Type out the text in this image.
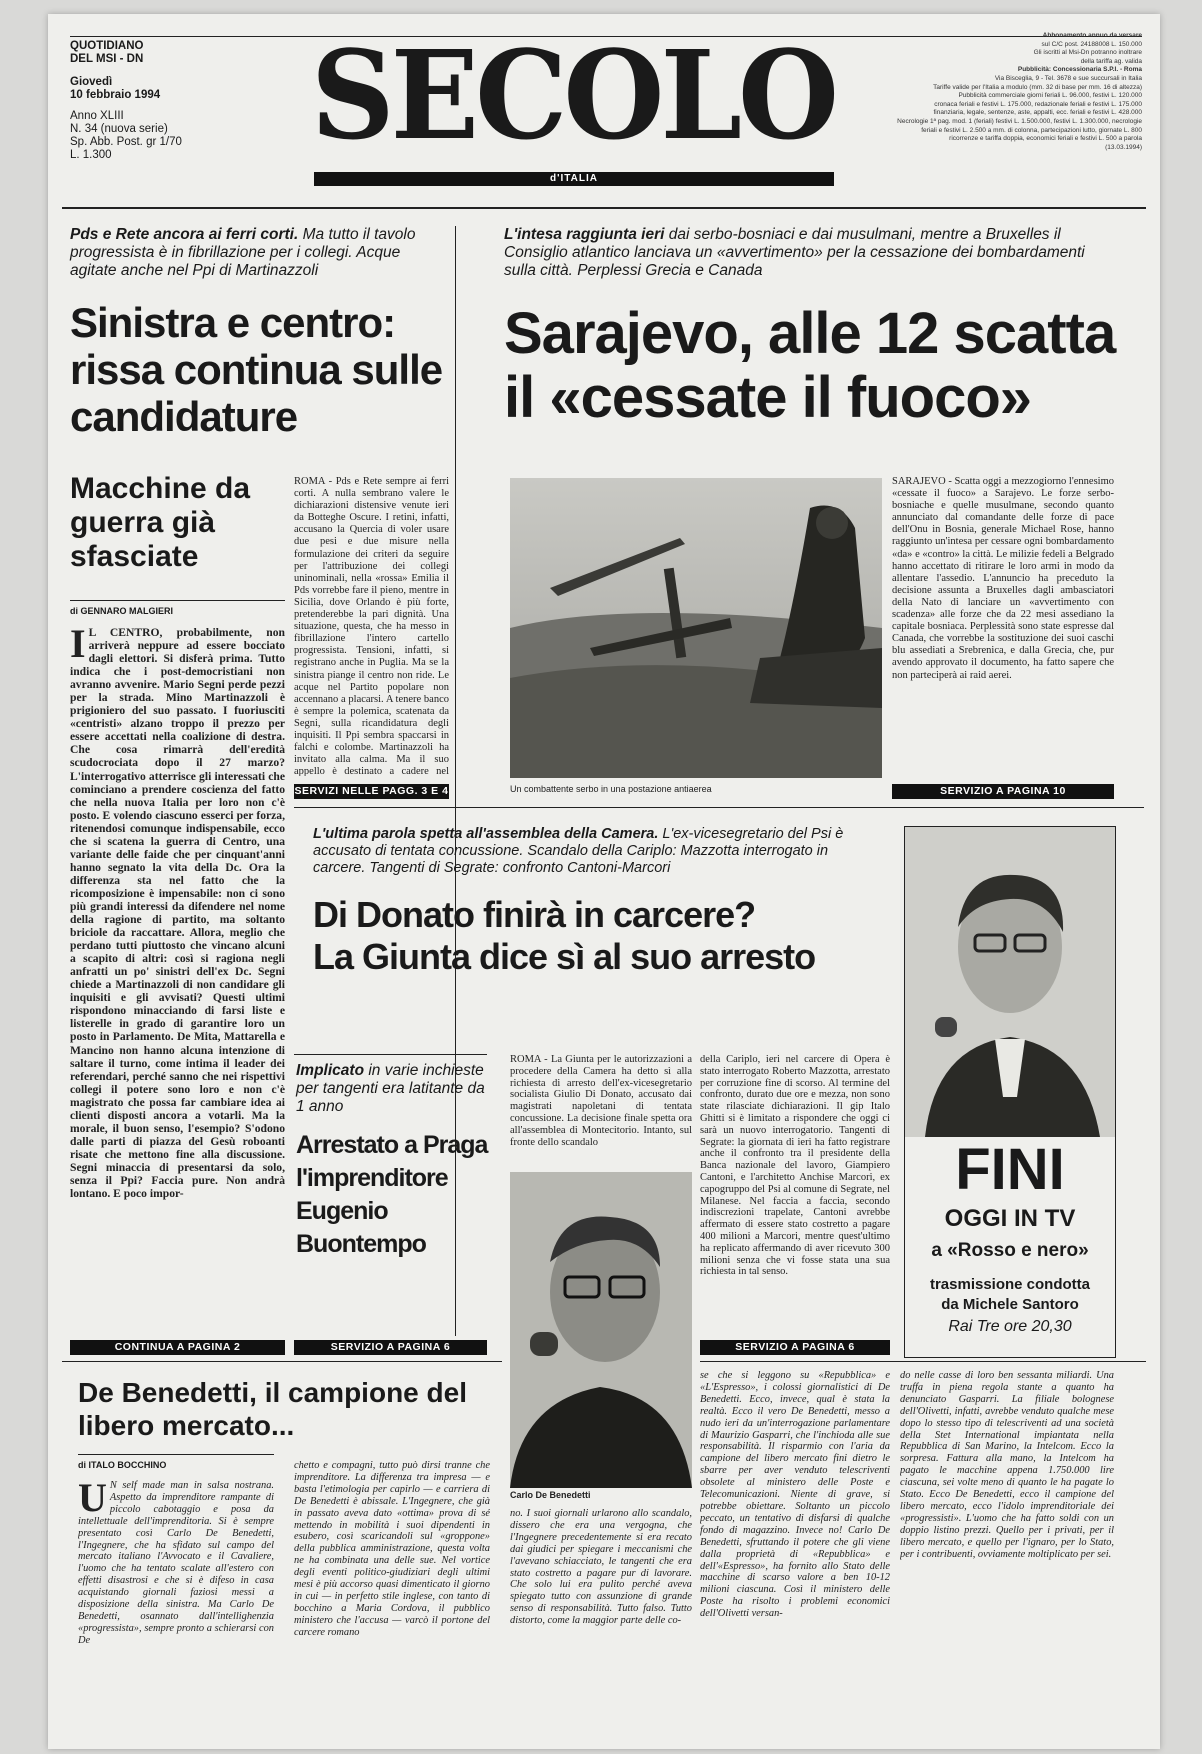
QUOTIDIANO
DEL MSI - DN
Giovedì
10 febbraio 1994
Anno XLIII
N. 34 (nuova serie)
Sp. Abb. Post. gr 1/70
L. 1.300	SECOLO
d'ITALIA
Abbonamento annuo da versare
sul C/C post. 24188008 L. 150.000
Gli iscritti al Msi-Dn potranno inoltrare
della tariffa ag. valida
Pubblicità: Concessionaria S.P.I. - Roma
Via Bisceglia, 9 - Tel. 3678 e sue succursali in Italia
Tariffe valide per l'Italia a modulo (mm. 32 di base per mm. 16 di altezza)
Pubblicità commerciale giorni feriali L. 96.000, festivi L. 120.000
cronaca feriali e festivi L. 175.000, redazionale feriali e festivi L. 175.000
finanziaria, legale, sentenze, aste, appalti, ecc. feriali e festivi L. 428.000
Necrologie 1ª pag. mod. 1 (feriali) festivi L. 1.500.000, festivi L. 1.300.000, necrologie
feriali e festivi L. 2.500 a mm. di colonna, partecipazioni lutto, giornate L. 800
ricorrenze e tariffa doppia, economici feriali e festivi L. 500 a parola
(13.03.1994)
Pds e Rete ancora ai ferri corti. Ma tutto il tavolo progressista è in fibrillazione per i collegi. Acque agitate anche nel Ppi di Martinazzoli
Sinistra e centro: rissa continua sulle candidature
Macchine da guerra già sfasciate
di GENNARO MALGIERI
I L CENTRO, probabilmente, non arriverà neppure ad essere bocciato dagli elettori. Si disferà prima. Tutto indica che i post-democristiani non avranno avvenire. Mario Segni perde pezzi per la strada. Mino Martinazzoli è prigioniero del suo passato. I fuoriusciti «centristi» alzano troppo il prezzo per essere accettati nella coalizione di destra. Che cosa rimarrà dell'eredità scudocrociata dopo il 27 marzo? L'interrogativo atterrisce gli interessati che cominciano a prendere coscienza del fatto che nella nuova Italia per loro non c'è posto. E volendo ciascuno esserci per forza, ritenendosi comunque indispensabile, ecco che si scatena la guerra di Centro, una variante delle faide che per cinquant'anni hanno segnato la vita della Dc. Ora la differenza sta nel fatto che la ricomposizione è impensabile: non ci sono più grandi interessi da difendere nel nome della ragione di partito, ma soltanto briciole da raccattare. Allora, meglio che perdano tutti piuttosto che vincano alcuni a scapito di altri: così si ragiona negli anfratti un po' sinistri dell'ex Dc. Segni chiede a Martinazzoli di non candidare gli inquisiti e gli avvisati? Questi ultimi rispondono minacciando di farsi liste e listerelle in grado di garantire loro un posto in Parlamento. De Mita, Mattarella e Mancino non hanno alcuna intenzione di saltare il turno, come intima il leader dei referendari, perché sanno che nei rispettivi collegi il potere sono loro e non c'è magistrato che possa far cambiare idea ai clienti disposti ancora a votarli. Ma la morale, il buon senso, l'esempio? S'odono dalle parti di piazza del Gesù roboanti risate che mettono fine alla discussione. Segni minaccia di presentarsi da solo, senza il Ppi? Faccia pure. Non andrà lontano. E poco impor-
CONTINUA A PAGINA 2
ROMA - Pds e Rete sempre ai ferri corti. A nulla sembrano valere le dichiarazioni distensive venute ieri da Botteghe Oscure. I retini, infatti, accusano la Quercia di voler usare due pesi e due misure nella formulazione dei criteri da seguire per l'attribuzione dei collegi uninominali, nella «rossa» Emilia il Pds vorrebbe fare il pieno, mentre in Sicilia, dove Orlando è più forte, pretenderebbe la pari dignità. Una situazione, questa, che ha messo in fibrillazione l'intero cartello progressista. Tensioni, infatti, si registrano anche in Puglia. Ma se la sinistra piange il centro non ride. Le acque nel Partito popolare non accennano a placarsi. A tenere banco è sempre la polemica, scatenata da Segni, sulla ricandidatura degli inquisiti. Il Ppi sembra spaccarsi in falchi e colombe. Martinazzoli ha invitato alla calma. Ma il suo appello è destinato a cadere nel
SERVIZI NELLE PAGG. 3 E 4
L'intesa raggiunta ieri dai serbo-bosniaci e dai musulmani, mentre a Bruxelles il Consiglio atlantico lanciava un «avvertimento» per la cessazione dei bombardamenti sulla città. Perplessi Grecia e Canada
Sarajevo, alle 12 scatta il «cessate il fuoco»
Un combattente serbo in una postazione antiaerea
SARAJEVO - Scatta oggi a mezzogiorno l'ennesimo «cessate il fuoco» a Sarajevo. Le forze serbo-bosniache e quelle musulmane, secondo quanto annunciato dal comandante delle forze di pace dell'Onu in Bosnia, generale Michael Rose, hanno raggiunto un'intesa per cessare ogni bombardamento «da» e «contro» la città. Le milizie fedeli a Belgrado hanno accettato di ritirare le loro armi in modo da allentare l'assedio. L'annuncio ha preceduto la decisione assunta a Bruxelles dagli ambasciatori della Nato di lanciare un «avvertimento con scadenza» alle forze che da 22 mesi assediano la capitale bosniaca. Perplessità sono state espresse dal Canada, che vorrebbe la sostituzione dei suoi caschi blu assediati a Srebrenica, e dalla Grecia, che, pur avendo approvato il documento, ha fatto sapere che non parteciperà ai raid aerei.
SERVIZIO A PAGINA 10
L'ultima parola spetta all'assemblea della Camera. L'ex-vicesegretario del Psi è accusato di tentata concussione. Scandalo della Cariplo: Mazzotta interrogato in carcere. Tangenti di Segrate: confronto Cantoni-Marcori
Di Donato finirà in carcere?
La Giunta dice sì al suo arresto
FINI
OGGI IN TV
a «Rosso e nero»
trasmissione condotta
da Michele Santoro
Rai Tre ore 20,30
Implicato in varie inchieste per tangenti era latitante da 1 anno
Arrestato a Praga l'imprenditore Eugenio Buontempo
SERVIZIO A PAGINA 6
ROMA - La Giunta per le autorizzazioni a procedere della Camera ha detto sì alla richiesta di arresto dell'ex-vicesegretario socialista Giulio Di Donato, accusato dai magistrati napoletani di tentata concussione. La decisione finale spetta ora all'assemblea di Montecitorio. Intanto, sul fronte dello scandalo
Carlo De Benedetti
della Cariplo, ieri nel carcere di Opera è stato interrogato Roberto Mazzotta, arrestato per corruzione fine di scorso. Al termine del confronto, durato due ore e mezza, non sono state rilasciate dichiarazioni. Il gip Italo Ghitti si è limitato a rispondere che oggi ci sarà un nuovo interrogatorio. Tangenti di Segrate: la giornata di ieri ha fatto registrare anche il confronto tra il presidente della Banca nazionale del lavoro, Giampiero Cantoni, e l'architetto Anchise Marcori, ex capogruppo del Psi al comune di Segrate, nel Milanese. Nel faccia a faccia, secondo indiscrezioni trapelate, Cantoni avrebbe affermato di essere stato costretto a pagare 400 milioni a Marcori, mentre quest'ultimo ha replicato affermando di aver ricevuto 300 milioni senza che vi fosse stata una sua richiesta in tal senso.
SERVIZIO A PAGINA 6
De Benedetti, il campione del libero mercato...
di ITALO BOCCHINO
U N self made man in salsa nostrana. Aspetto da imprenditore rampante di piccolo cabotaggio e posa da intellettuale dell'imprenditoria. Si è sempre presentato così Carlo De Benedetti, l'Ingegnere, che ha sfidato sul campo del mercato italiano l'Avvocato e il Cavaliere, l'uomo che ha tentato scalate all'estero con effetti disastrosi e che si è difeso in casa acquistando giornali faziosi messi a disposizione della sinistra. Ma Carlo De Benedetti, osannato dall'intellighenzia «progressista», sempre pronto a schierarsi con De
chetto e compagni, tutto può dirsi tranne che imprenditore. La differenza tra impresa — e basta l'etimologia per capirlo — e carriera di De Benedetti è abissale. L'Ingegnere, che già in passato aveva dato «ottima» prova di sé mettendo in mobilità i suoi dipendenti in esubero, così scaricandoli sul «groppone» della pubblica amministrazione, questa volta ne ha combinata una delle sue. Nel vortice degli eventi politico-giudiziari degli ultimi mesi è più accorso quasi dimenticato il giorno in cui — in perfetto stile inglese, con tanto di bocchino a Maria Cordova, il pubblico ministero che l'accusa — varcò il portone del carcere romano
no. I suoi giornali urlarono allo scandalo, dissero che era una vergogna, che l'Ingegnere precedentemente si era recato dai giudici per spiegare i meccanismi che l'avevano schiacciato, le tangenti che era stato costretto a pagare pur di lavorare. Che solo lui era pulito perché aveva spiegato tutto con assunzione di grande senso di responsabilità. Tutto falso. Tutto distorto, come la maggior parte delle co-
se che si leggono su «Repubblica» e «L'Espresso», i colossi giornalistici di De Benedetti. Ecco, invece, qual è stata la realtà. Ecco il vero De Benedetti, messo a nudo ieri da un'interrogazione parlamentare di Maurizio Gasparri, che l'inchioda alle sue responsabilità. Il risparmio con l'aria da campione del libero mercato fini dietro le sbarre per aver venduto telescriventi obsolete al ministero delle Poste e Telecomunicazioni. Niente di grave, si potrebbe obiettare. Soltanto un piccolo peccato, un tentativo di disfarsi di qualche fondo di magazzino. Invece no! Carlo De Benedetti, sfruttando il potere che gli viene dalla proprietà di «Repubblica» e dell'«Espresso», ha fornito allo Stato delle macchine di scarso valore a ben 10-12 milioni ciascuna. Così il ministero delle Poste ha risolto i problemi economici dell'Olivetti versan-
do nelle casse di loro ben sessanta miliardi. Una truffa in piena regola stante a quanto ha denunciato Gasparri. La filiale bolognese dell'Olivetti, infatti, avrebbe venduto qualche mese dopo lo stesso tipo di telescriventi ad una società della Stet International impiantata nella Repubblica di San Marino, la Intelcom. Ecco la sorpresa. Fattura alla mano, la Intelcom ha pagato le macchine appena 1.750.000 lire ciascuna, sei volte meno di quanto le ha pagate lo Stato. Ecco De Benedetti, ecco il campione del libero mercato, ecco l'idolo imprenditoriale dei «progressisti». L'uomo che ha fatto soldi con un doppio listino prezzi. Quello per i privati, per il libero mercato, e quello per l'ignaro, per lo Stato, per i contribuenti, ovviamente moltiplicato per sei.
